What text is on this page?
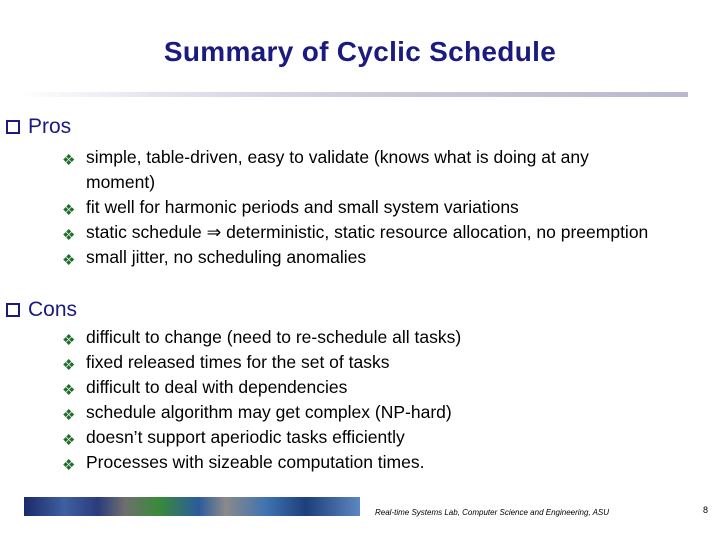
Summary of Cyclic Schedule
Pros
❖ simple, table-driven, easy to validate (knows what is doing at any moment)
❖ fit well for harmonic periods and small system variations
❖ static schedule ⇒ deterministic, static resource allocation, no preemption
❖ small jitter, no scheduling anomalies
Cons
❖ difficult to change (need to re-schedule all tasks)
❖ fixed released times for the set of tasks
❖ difficult to deal with dependencies
❖ schedule algorithm may get complex (NP-hard)
❖ doesn’t support aperiodic tasks efficiently
❖ Processes with sizeable computation times.
Real-time Systems Lab, Computer Science and Engineering, ASU	8
